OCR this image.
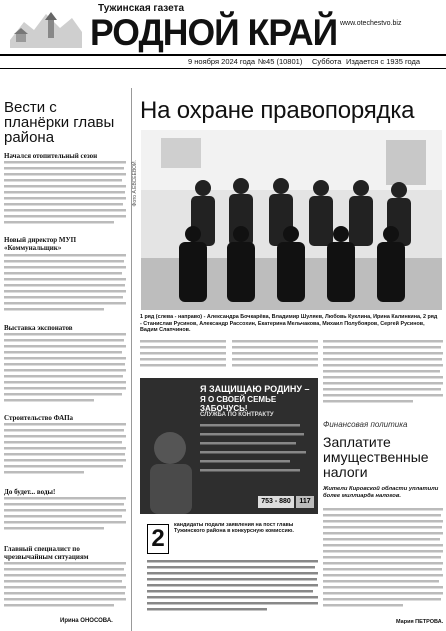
Тужинская газета
www.otechestvo.biz
РОДНОЙ КРАЙ
9 ноября 2024 года №45 (10801) Суббота Издается с 1935 года
Вести с планёрки главы района
Начался отопительный сезон
Новый директор МУП «Коммунальщик»
Выставка экспонатов
Строительство ФАПа
До будет... воды!
Главный специалист по чрезвычайным ситуациям
Ирина ОНОСОВА.
На охране правопорядка
Фото А.ЕВСЕЕВОЙ.
1 ряд (слева - направо) - Александра Бочкарёва, Владимир Шуляев, Любовь Куклина, Ирина Калинкина, 2 ряд - Станислав Русинов, Александр Рассохин, Екатерина Мельчакова, Михаил Полубояров, Сергей Русинов, Вадим Слапчинов.
Я ЗАЩИЩАЮ РОДИНУ –
Я О СВОЕЙ СЕМЬЕ ЗАБОЧУСЬ!
СЛУЖБА ПО КОНТРАКТУ
753 - 880	117
Финансовая политика
Заплатите имущественные налоги
Жители Кировской области уплатили более миллиарда налогов.
Мария ПЕТРОВА.
2	кандидаты подали заявления на пост главы Тужинского района в конкурсную комиссию.
